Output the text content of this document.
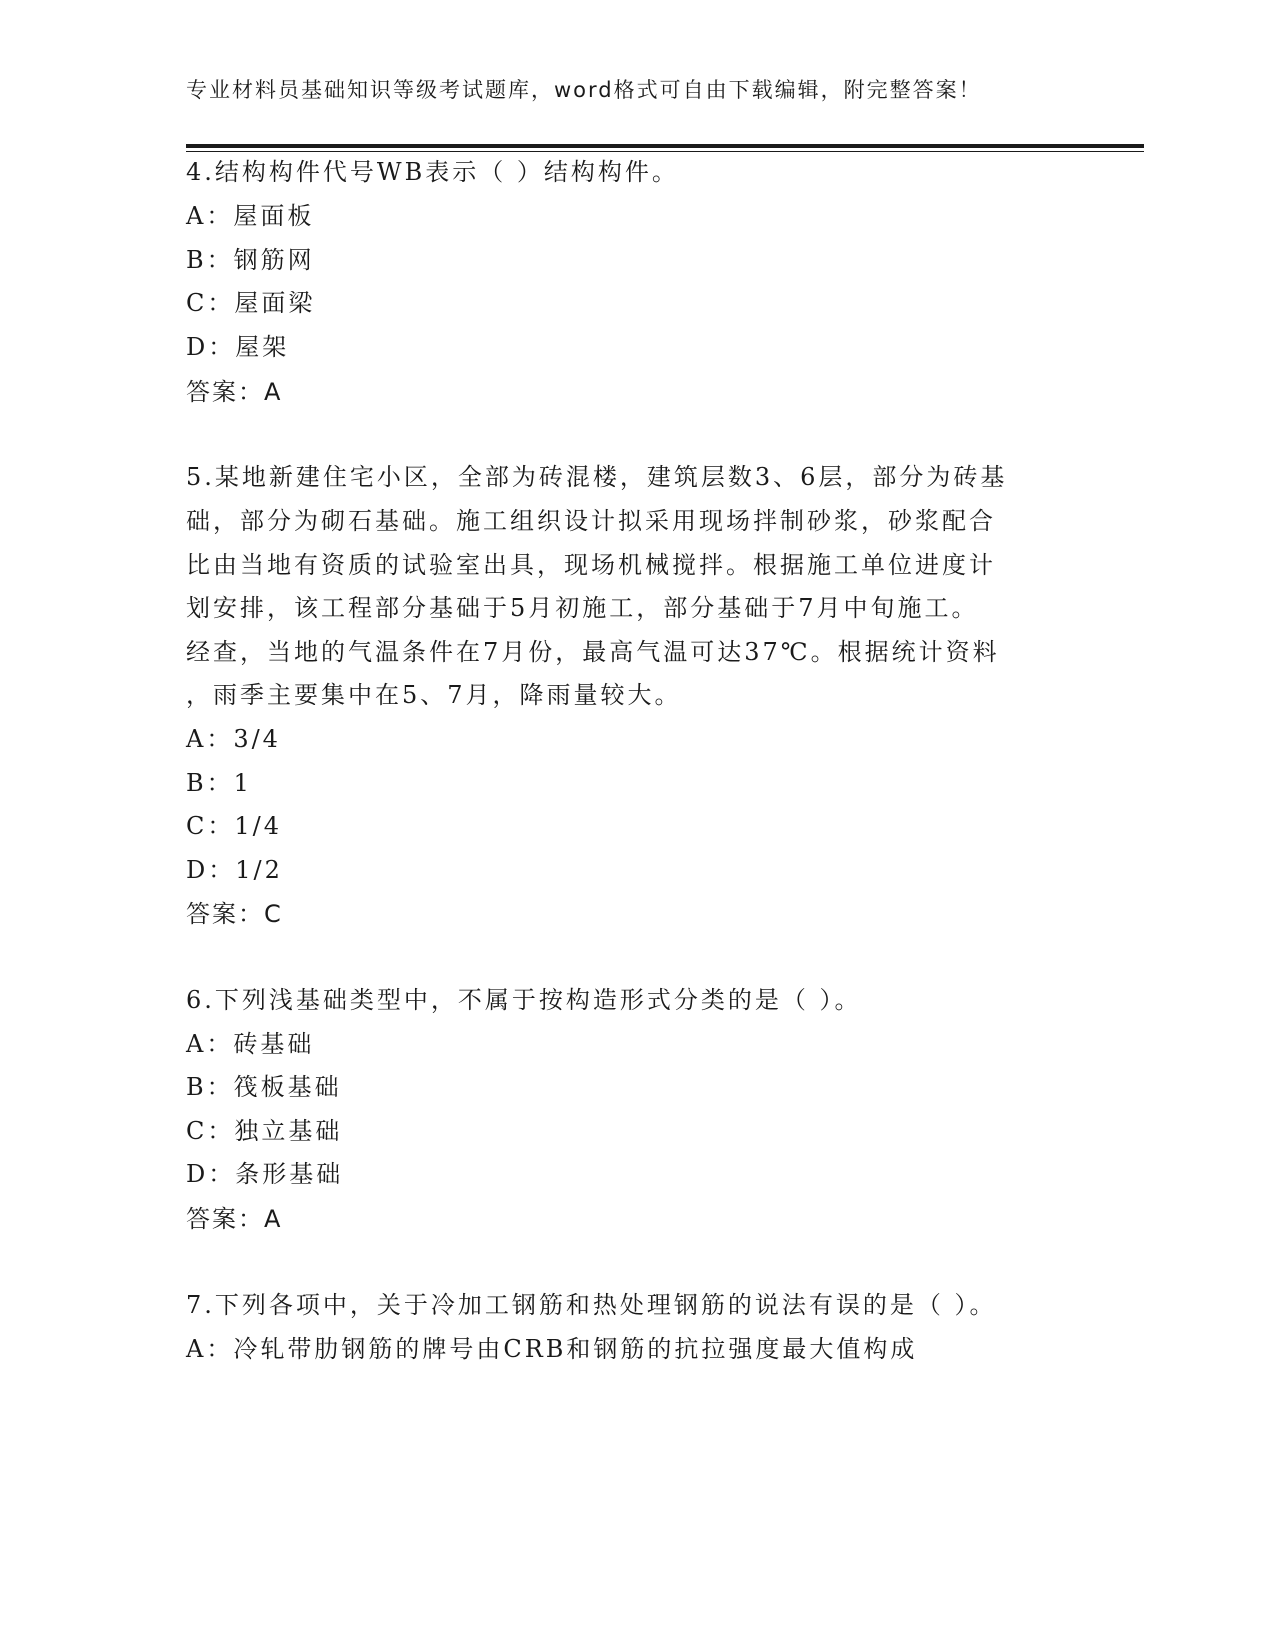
专业材料员基础知识等级考试题库，word格式可自由下载编辑，附完整答案！
4.结构构件代号WB表示（ ）结构构件。
A：屋面板
B：钢筋网
C：屋面梁
D：屋架
答案：A
5.某地新建住宅小区，全部为砖混楼，建筑层数3、6层，部分为砖基
础，部分为砌石基础。施工组织设计拟采用现场拌制砂浆，砂浆配合
比由当地有资质的试验室出具，现场机械搅拌。根据施工单位进度计
划安排，该工程部分基础于5月初施工，部分基础于7月中旬施工。
经查，当地的气温条件在7月份，最高气温可达37℃。根据统计资料
，雨季主要集中在5、7月，降雨量较大。
A：3/4
B：1
C：1/4
D：1/2
答案：C
6.下列浅基础类型中，不属于按构造形式分类的是（ ）。
A：砖基础
B：筏板基础
C：独立基础
D：条形基础
答案：A
7.下列各项中，关于冷加工钢筋和热处理钢筋的说法有误的是（ ）。
A：冷轧带肋钢筋的牌号由CRB和钢筋的抗拉强度最大值构成
